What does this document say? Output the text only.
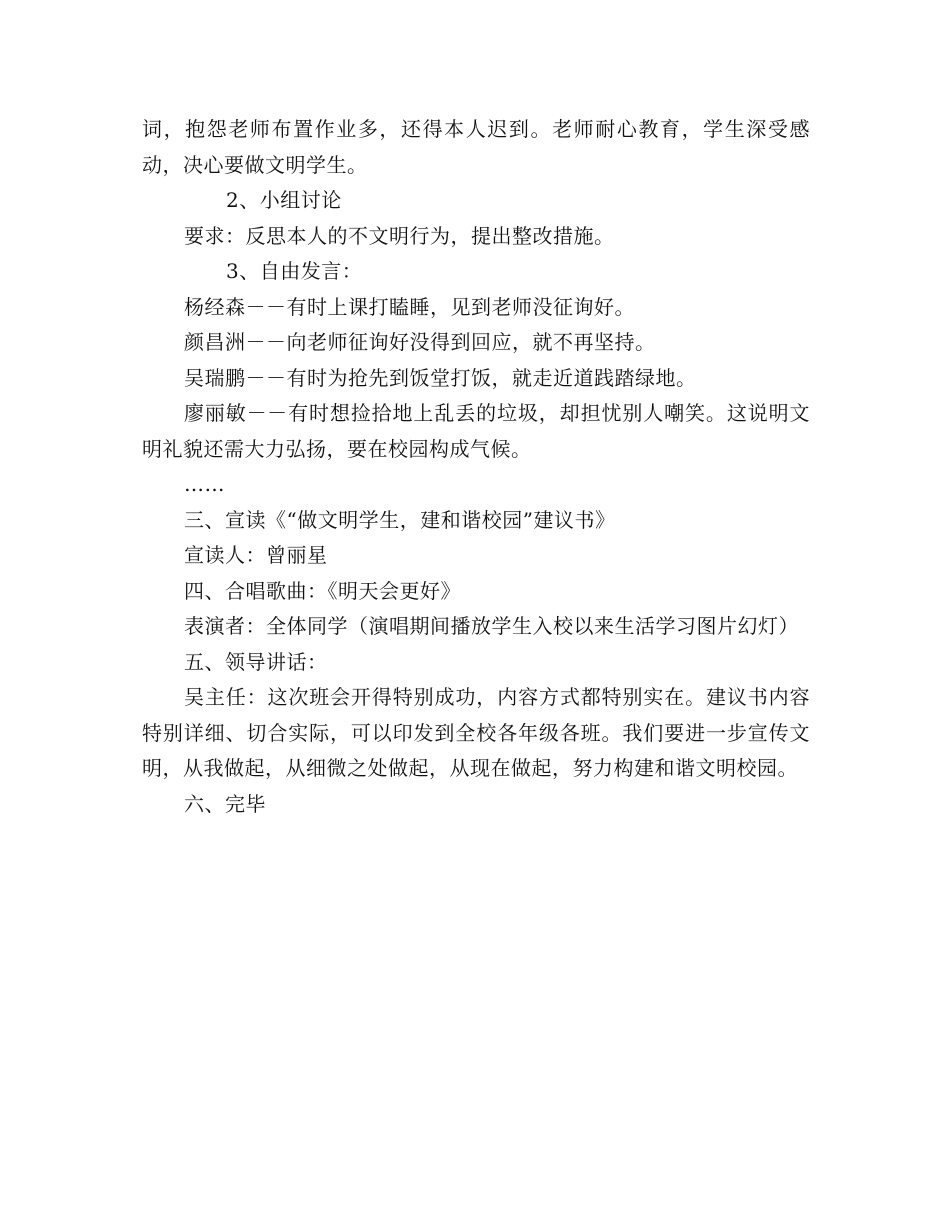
词，抱怨老师布置作业多，还得本人迟到。老师耐心教育，学生深受感动，决心要做文明学生。

2、小组讨论

要求：反思本人的不文明行为，提出整改措施。

3、自由发言：

杨经森－－有时上课打瞌睡，见到老师没征询好。

颜昌洲－－向老师征询好没得到回应，就不再坚持。

吴瑞鹏－－有时为抢先到饭堂打饭，就走近道践踏绿地。

廖丽敏－－有时想捡拾地上乱丢的垃圾，却担忧别人嘲笑。这说明文明礼貌还需大力弘扬，要在校园构成气候。

……

三、宣读《“做文明学生，建和谐校园”建议书》

宣读人：曾丽星

四、合唱歌曲：《明天会更好》

表演者：全体同学（演唱期间播放学生入校以来生活学习图片幻灯）

五、领导讲话：

吴主任：这次班会开得特别成功，内容方式都特别实在。建议书内容特别详细、切合实际，可以印发到全校各年级各班。我们要进一步宣传文明，从我做起，从细微之处做起，从现在做起，努力构建和谐文明校园。

六、完毕
